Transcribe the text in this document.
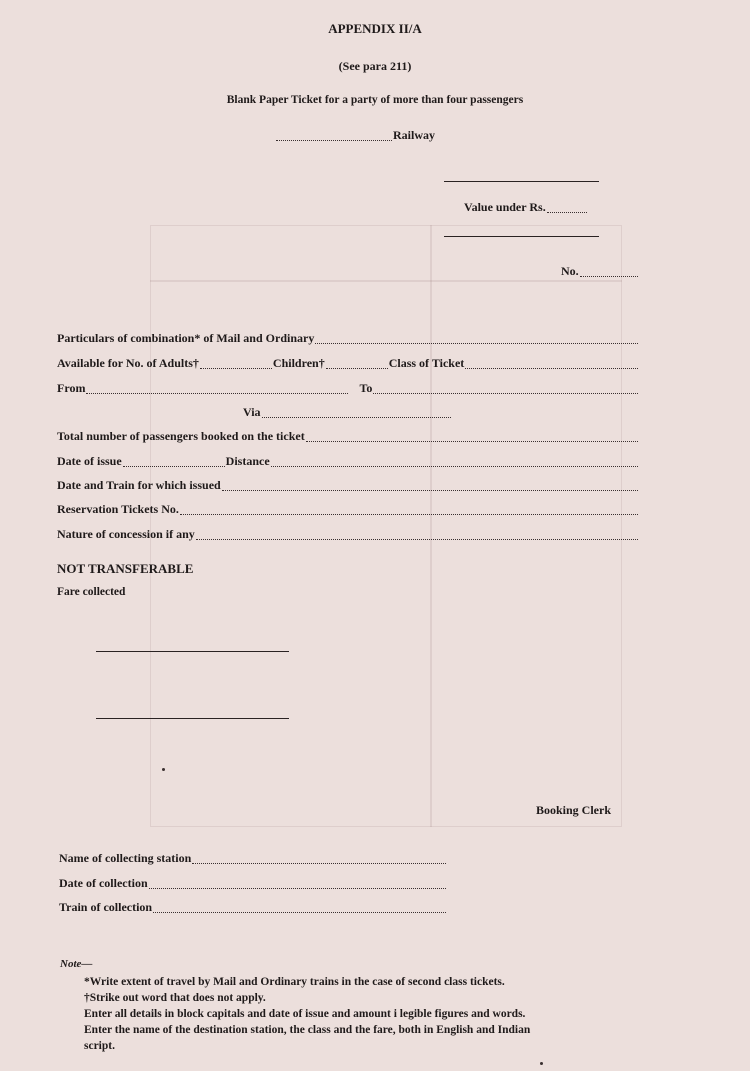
APPENDIX II/A
(See para 211)
Blank Paper Ticket for a party of more than four passengers
Railway
Value under Rs.
No.
Particulars of combination* of Mail and Ordinary
Available for No. of Adults†	Children†	Class of Ticket
From	To
Via
Total number of passengers booked on the ticket
Date of issue	Distance
Date and Train for which issued
Reservation Tickets No.
Nature of concession if any
NOT TRANSFERABLE
Fare collected
Booking Clerk
Name of collecting station
Date of collection
Train of collection
Note—
*Write extent of travel by Mail and Ordinary trains in the case of second class tickets.
†Strike out word that does not apply.
Enter all details in block capitals and date of issue and amount i legible figures and words.
Enter the name of the destination station, the class and the fare, both in English and Indian
script.
